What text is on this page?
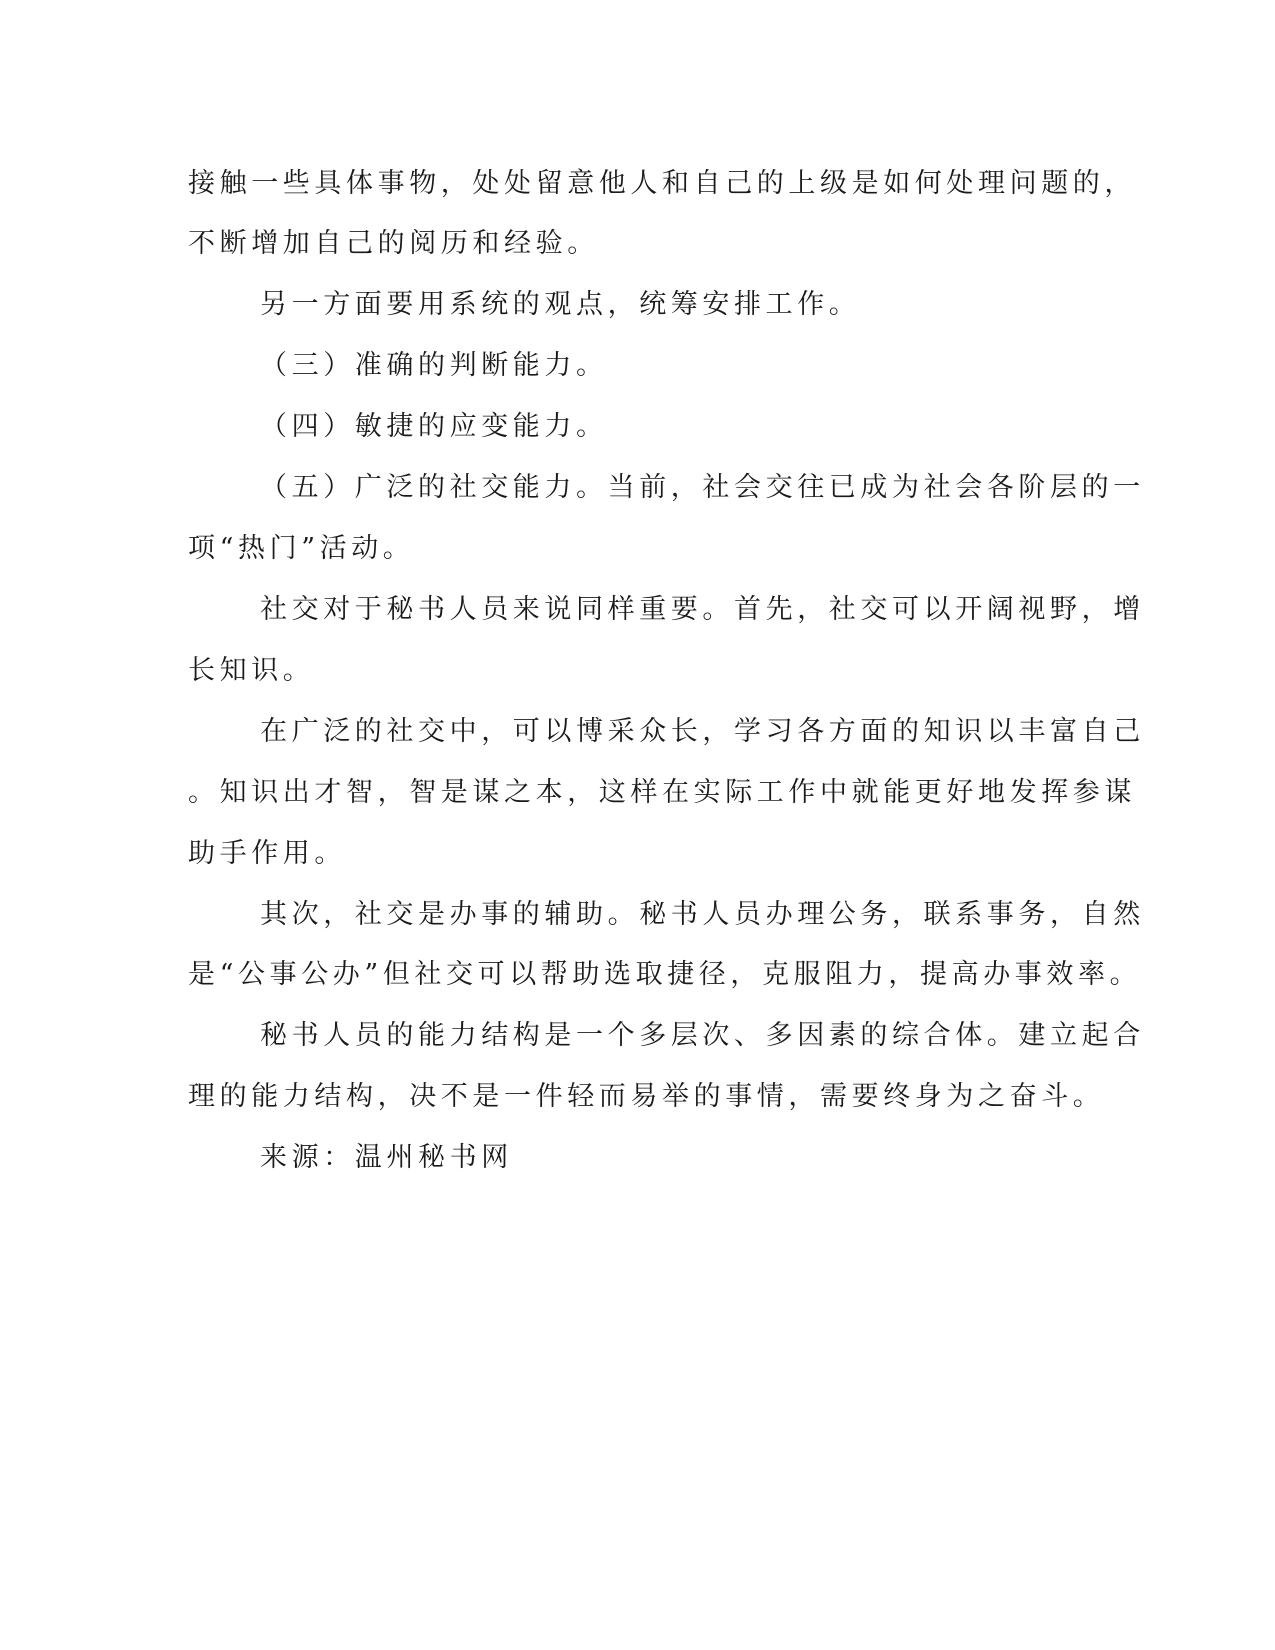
接触一些具体事物，处处留意他人和自己的上级是如何处理问题的，
不断增加自己的阅历和经验。
另一方面要用系统的观点，统筹安排工作。
（三）准确的判断能力。
（四）敏捷的应变能力。
（五）广泛的社交能力。当前，社会交往已成为社会各阶层的一
项“热门”活动。
社交对于秘书人员来说同样重要。首先，社交可以开阔视野，增
长知识。
在广泛的社交中，可以博采众长，学习各方面的知识以丰富自己
。知识出才智，智是谋之本，这样在实际工作中就能更好地发挥参谋
助手作用。
其次，社交是办事的辅助。秘书人员办理公务，联系事务，自然
是“公事公办”但社交可以帮助选取捷径，克服阻力，提高办事效率。
秘书人员的能力结构是一个多层次、多因素的综合体。建立起合
理的能力结构，决不是一件轻而易举的事情，需要终身为之奋斗。
来源：温州秘书网
